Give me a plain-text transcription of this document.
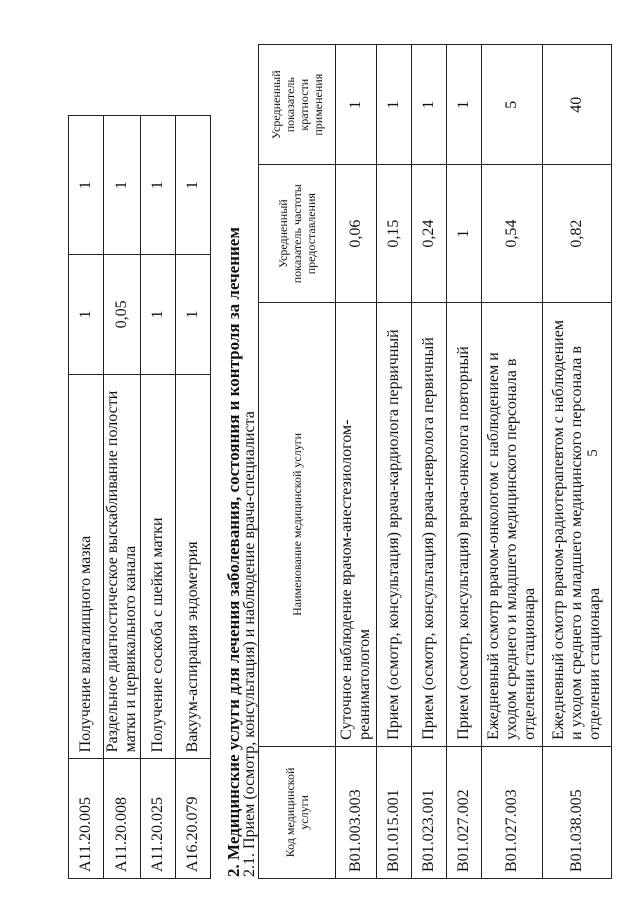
5
A11.20.005	Получение влагалищного мазка	1	1
A11.20.008	Раздельное диагностическое выскабливание полости матки и цервикального канала	0,05	1
A11.20.025	Получение соскоба с шейки матки	1	1
A16.20.079	Вакуум-аспирация эндометрия	1	1
2. Медицинские услуги для лечения заболевания, состояния и контроля за лечением
2.1. Прием (осмотр, консультация) и наблюдение врача-специалиста Код медицинской услуги	Наименование медицинской услуги	Усредненный показатель частоты предоставления	Усредненный показатель кратности применения
B01.003.003	Суточное наблюдение врачом-анестезиологом-реаниматологом	0,06	1
B01.015.001	Прием (осмотр, консультация) врача-кардиолога первичный	0,15	1
B01.023.001	Прием (осмотр, консультация) врача-невролога первичный	0,24	1
B01.027.002	Прием (осмотр, консультация) врача-онколога повторный	1	1
B01.027.003	Ежедневный осмотр врачом-онкологом с наблюдением и уходом среднего и младшего медицинского персонала в отделении стационара	0,54	5
B01.038.005	Ежедневный осмотр врачом-радиотерапевтом с наблюдением и уходом среднего и младшего медицинского персонала в отделении стационара	0,82	40
